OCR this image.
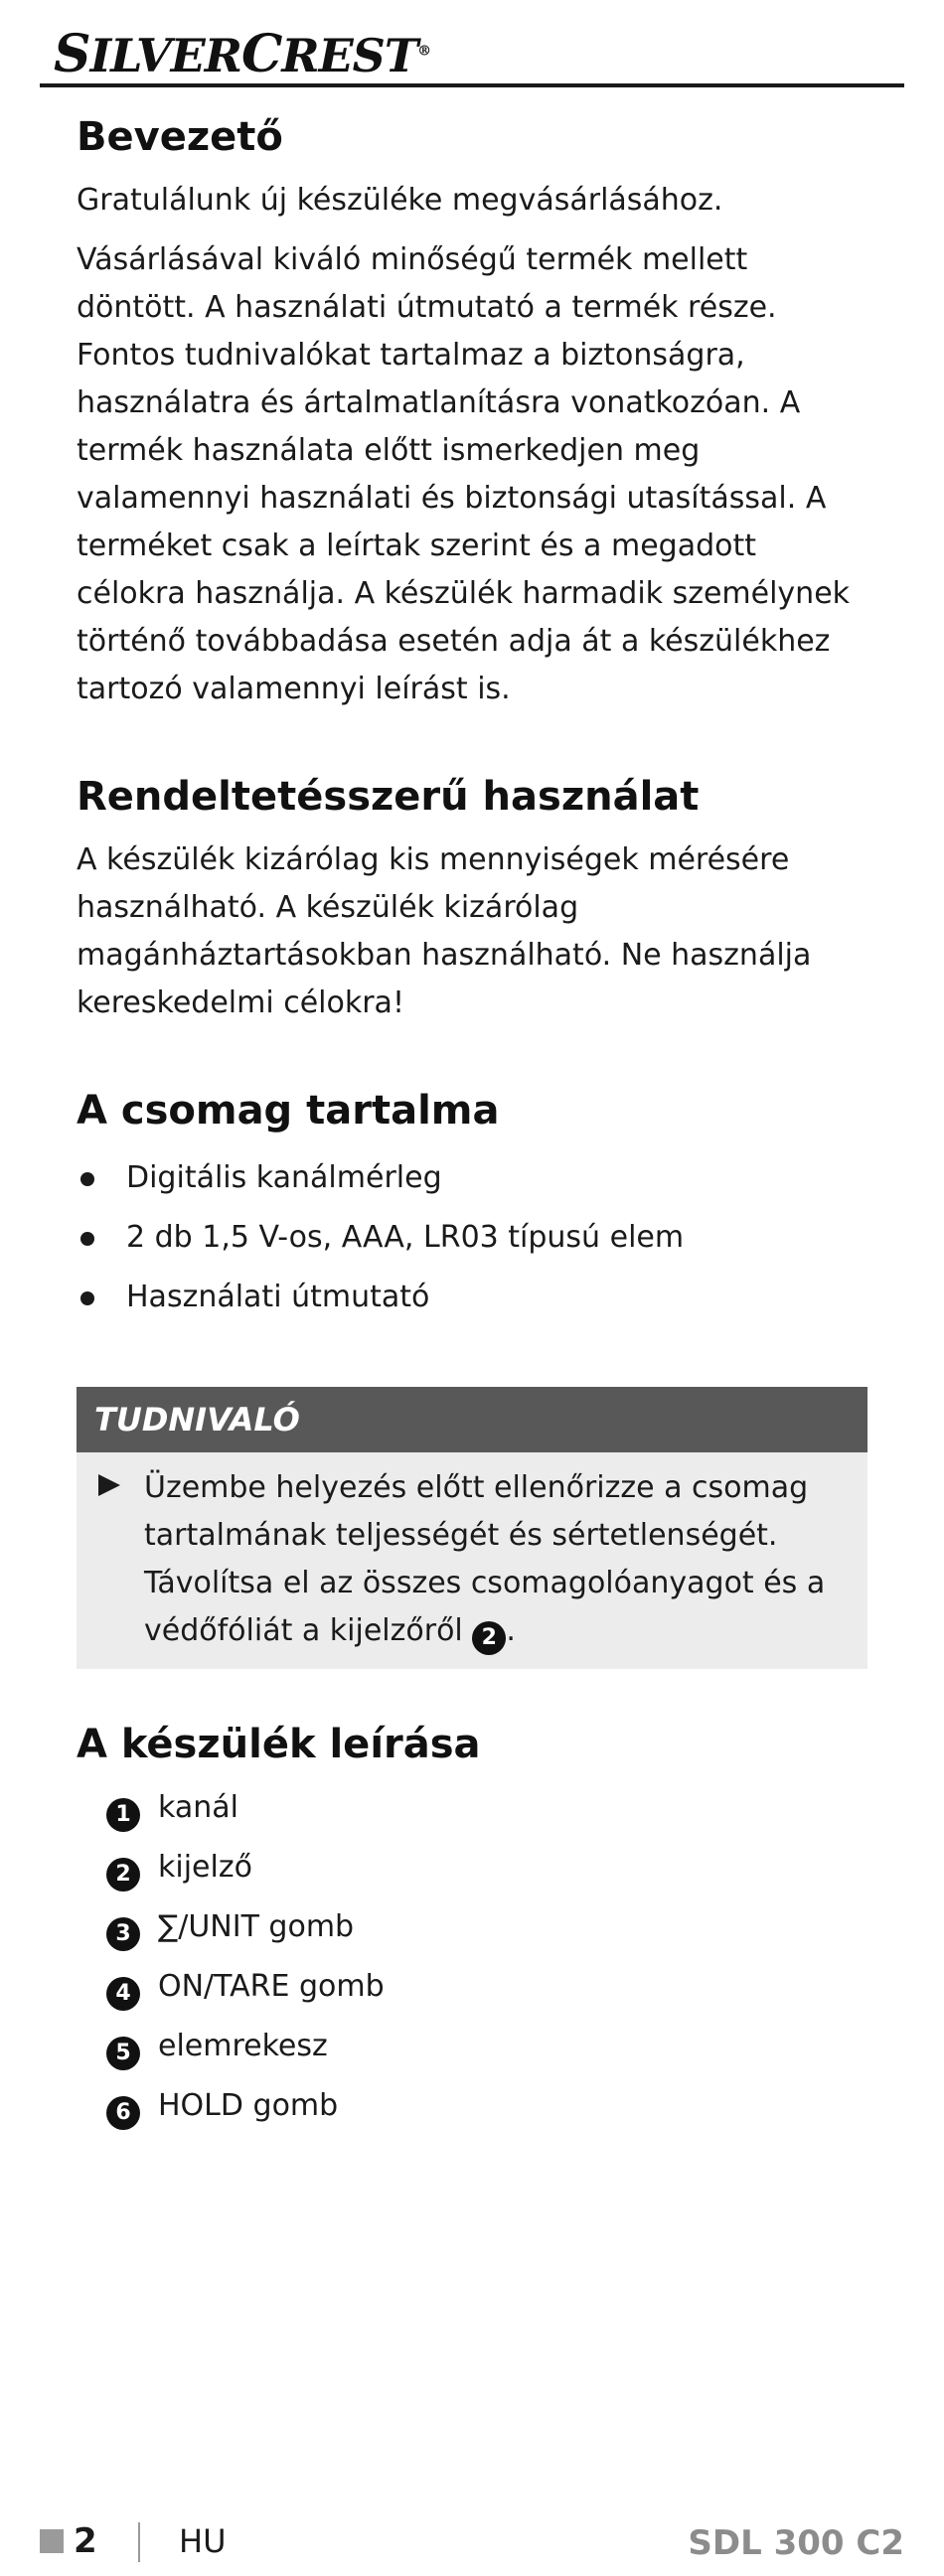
SILVERCREST®
Bevezető

Gratulálunk új készüléke megvásárlásához.

Vásárlásával kiváló minőségű termék mellett döntött. A használati útmutató a termék része. Fontos tudnivalókat tartalmaz a biztonságra, használatra és ártalmatlanításra vonatkozóan. A termék használata előtt ismerkedjen meg valamennyi használati és biztonsági utasítással. A terméket csak a leírtak szerint és a megadott célokra használja. A készülék harmadik személynek történő továbbadása esetén adja át a készülékhez tartozó valamennyi leírást is.

Rendeltetésszerű használat

A készülék kizárólag kis mennyiségek mérésére használható. A készülék kizárólag magánháztartásokban használható. Ne használja kereskedelmi célokra!

A csomag tartalma
Digitális kanálmérleg
2 db 1,5 V-os, AAA, LR03 típusú elem
Használati útmutató
TUDNIVALÓ
Üzembe helyezés előtt ellenőrizze a csomag tartalmának teljességét és sértetlenségét. Távolítsa el az összes csomagolóanyagot és a védőfóliát a kijelzőről 2 .
A készülék leírása
1 kanál
2 kijelző
3 ∑/UNIT gomb
4 ON/TARE gomb
5 elemrekesz
6 HOLD gomb
2	HU	SDL 300 C2
